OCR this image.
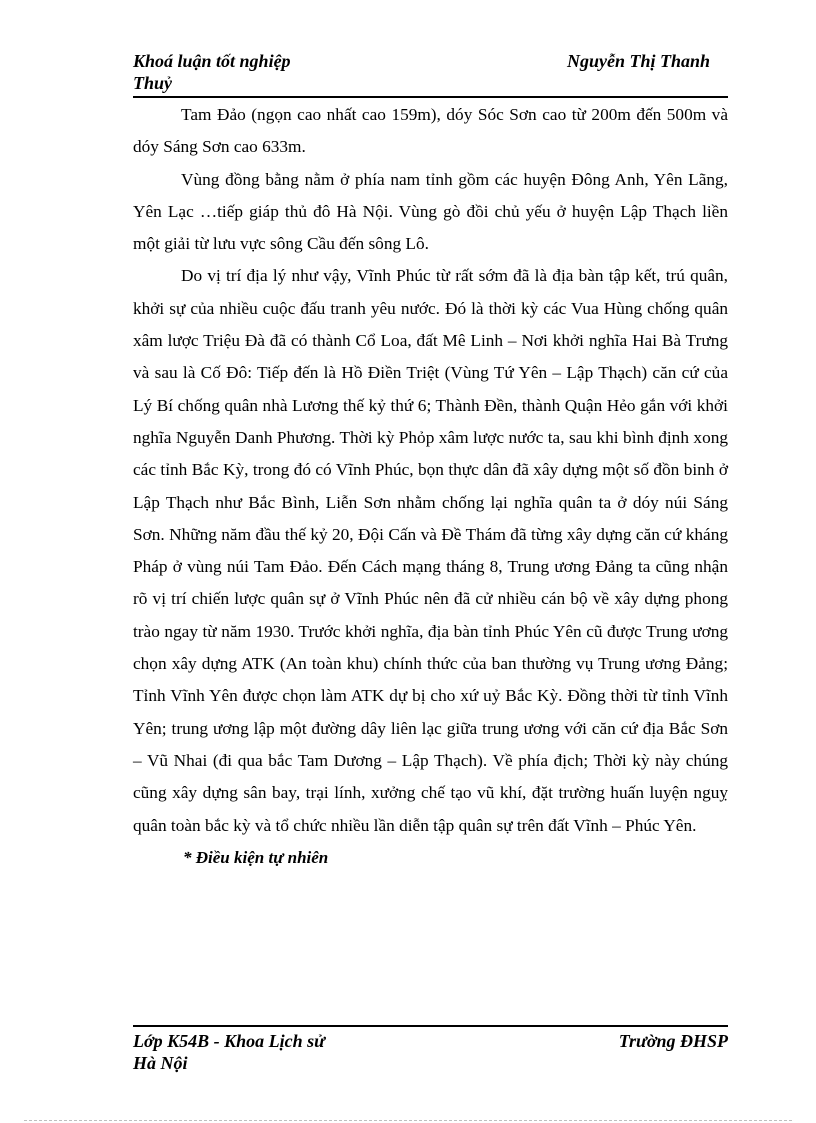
Khoá luận tốt nghiệp	Nguyễn Thị Thanh
Thuỷ

Tam Đảo (ngọn cao nhất cao 159m), dóy Sóc Sơn cao từ 200m đến 500m và dóy Sáng Sơn cao 633m.

Vùng đồng bằng nằm ở phía nam tỉnh gồm các huyện Đông Anh, Yên Lãng, Yên Lạc …tiếp giáp thủ đô Hà Nội. Vùng gò đồi chủ yếu ở huyện Lập Thạch liền một giải từ lưu vực sông Cầu đến sông Lô.

Do vị trí địa lý như vậy, Vĩnh Phúc từ rất sớm đã là địa bàn tập kết, trú quân, khởi sự của nhiều cuộc đấu tranh yêu nước. Đó là thời kỳ các Vua Hùng chống quân xâm lược Triệu Đà đã có thành Cổ Loa, đất Mê Linh – Nơi khởi nghĩa Hai Bà Trưng và sau là Cố Đô: Tiếp đến là Hồ Điền Triệt (Vùng Tứ Yên – Lập Thạch) căn cứ của Lý Bí chống quân nhà Lương thế kỷ thứ 6; Thành Đền, thành Quận Hẻo gắn với khởi nghĩa Nguyễn Danh Phương. Thời kỳ Phỏp xâm lược nước ta, sau khi bình định xong các tỉnh Bắc Kỳ, trong đó có Vĩnh Phúc, bọn thực dân đã xây dựng một số đồn binh ở Lập Thạch như Bắc Bình, Liễn Sơn nhằm chống lại nghĩa quân ta ở dóy núi Sáng Sơn. Những năm đầu thế kỷ 20, Đội Cấn và Đề Thám đã từng xây dựng căn cứ kháng Pháp ở vùng núi Tam Đảo. Đến Cách mạng tháng 8, Trung ương Đảng ta cũng nhận rõ vị trí chiến lược quân sự ở Vĩnh Phúc nên đã cử nhiều cán bộ về xây dựng phong trào ngay từ năm 1930. Trước khởi nghĩa, địa bàn tỉnh Phúc Yên cũ được Trung ương chọn xây dựng ATK (An toàn khu) chính thức của ban thường vụ Trung ương Đảng; Tỉnh Vĩnh Yên được chọn làm ATK dự bị cho xứ uỷ Bắc Kỳ. Đồng thời từ tỉnh Vĩnh Yên; trung ương lập một đường dây liên lạc giữa trung ương với căn cứ địa Bắc Sơn – Vũ Nhai (đi qua bắc Tam Dương – Lập Thạch). Về phía địch; Thời kỳ này chúng cũng xây dựng sân bay, trại lính, xưởng chế tạo vũ khí, đặt trường huấn luyện nguỵ quân toàn bắc kỳ và tổ chức nhiều lần diễn tập quân sự trên đất Vĩnh – Phúc Yên.

* Điều kiện tự nhiên
Lớp K54B - Khoa Lịch sử	Trường ĐHSP
Hà Nội
